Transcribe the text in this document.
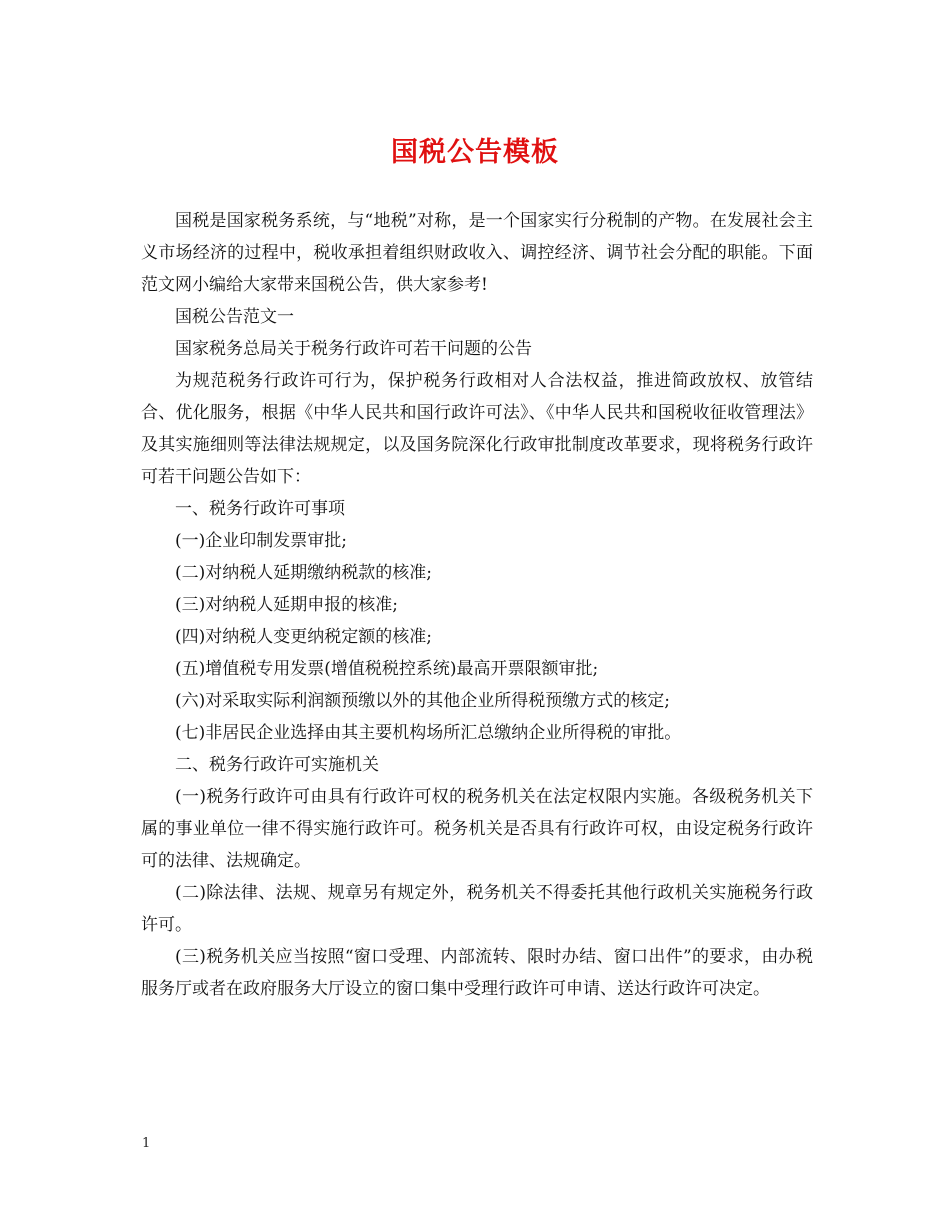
国税公告模板

国税是国家税务系统，与“地税”对称，是一个国家实行分税制的产物。在发展社会主义市场经济的过程中，税收承担着组织财政收入、调控经济、调节社会分配的职能。下面范文网小编给大家带来国税公告，供大家参考!

国税公告范文一

国家税务总局关于税务行政许可若干问题的公告

为规范税务行政许可行为，保护税务行政相对人合法权益，推进简政放权、放管结合、优化服务，根据《中华人民共和国行政许可法》、《中华人民共和国税收征收管理法》及其实施细则等法律法规规定，以及国务院深化行政审批制度改革要求，现将税务行政许可若干问题公告如下：

一、税务行政许可事项

(一)企业印制发票审批;

(二)对纳税人延期缴纳税款的核准;

(三)对纳税人延期申报的核准;

(四)对纳税人变更纳税定额的核准;

(五)增值税专用发票(增值税税控系统)最高开票限额审批;

(六)对采取实际利润额预缴以外的其他企业所得税预缴方式的核定;

(七)非居民企业选择由其主要机构场所汇总缴纳企业所得税的审批。

二、税务行政许可实施机关

(一)税务行政许可由具有行政许可权的税务机关在法定权限内实施。各级税务机关下属的事业单位一律不得实施行政许可。税务机关是否具有行政许可权，由设定税务行政许可的法律、法规确定。

(二)除法律、法规、规章另有规定外，税务机关不得委托其他行政机关实施税务行政许可。

(三)税务机关应当按照“窗口受理、内部流转、限时办结、窗口出件”的要求，由办税服务厅或者在政府服务大厅设立的窗口集中受理行政许可申请、送达行政许可决定。

1
